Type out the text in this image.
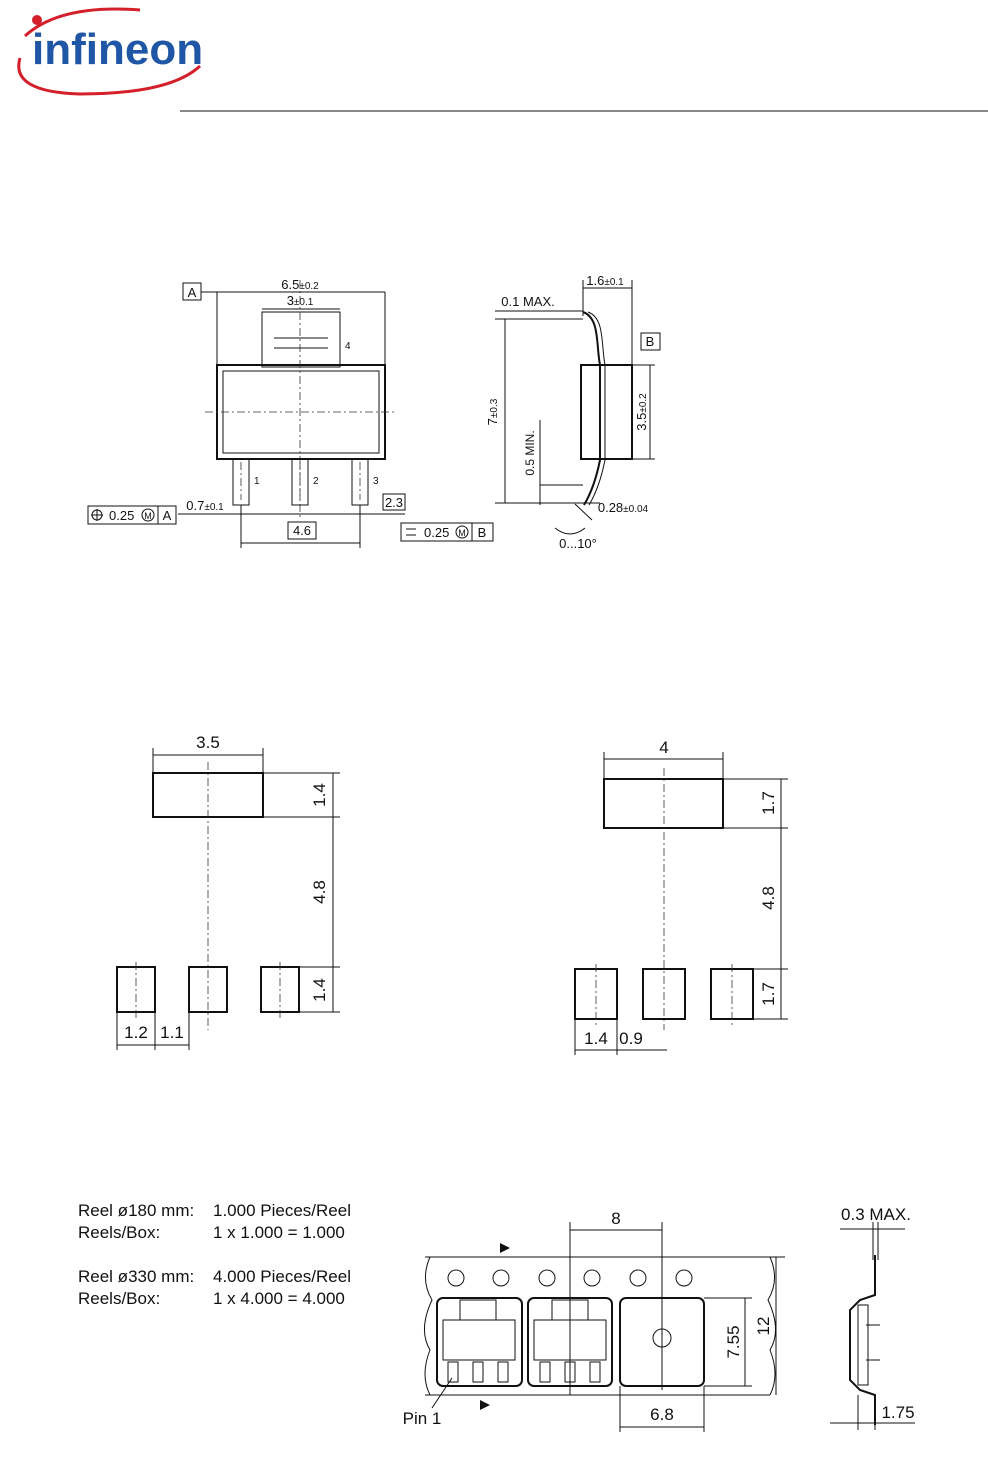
infineon
A
6.5±0.2
3±0.1
4
1	2	3
0.7±0.1	2.3
0.25 M A
4.6
1.6±0.1
0.1 MAX.
7±0.3
B
3.5±0.2
0.5 MIN.
0.28±0.04
0...10°
0.25 M B
3.5
1.4
4.8
1.4
1.2 1.1
4
1.7
4.8
1.7
1.4 0.9
8
7.55 12
6.8
Pin 1
0.3 MAX.
1.75
Reel ø180 mm:	1.000 Pieces/Reel
Reels/Box:	1 x 1.000 = 1.000
Reel ø330 mm:	4.000 Pieces/Reel
Reels/Box:	1 x 4.000 = 4.000
